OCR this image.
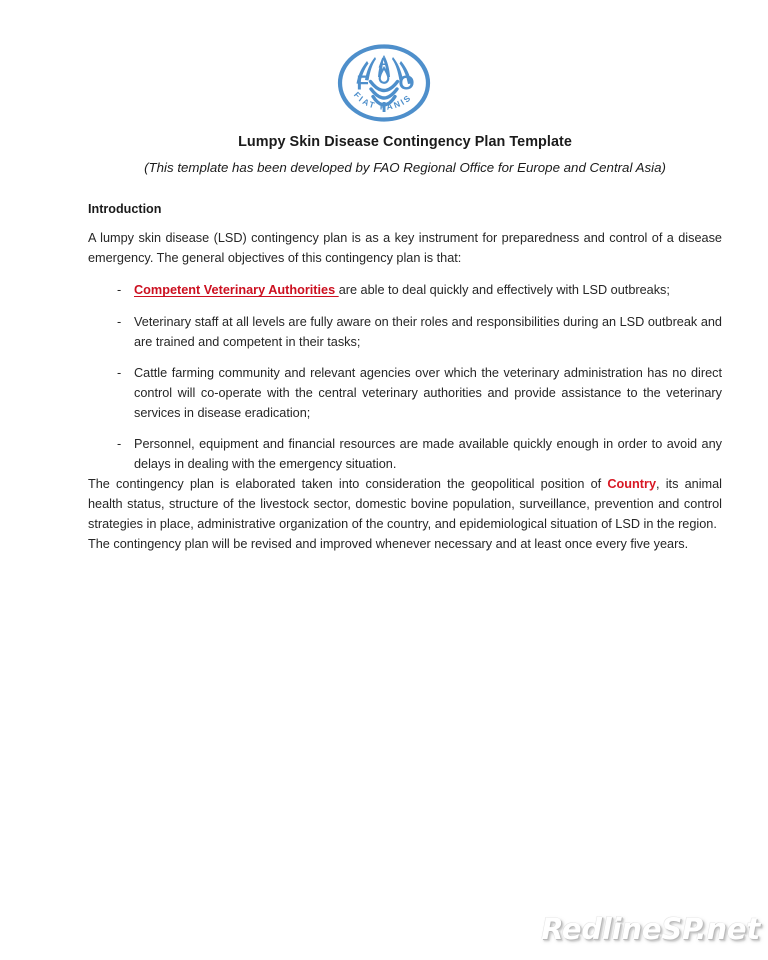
F O
A
FIAT PANIS
Lumpy Skin Disease Contingency Plan Template
(This template has been developed by FAO Regional Office for Europe and Central Asia)
Introduction

A lumpy skin disease (LSD) contingency plan is as a key instrument for preparedness and control of a disease emergency. The general objectives of this contingency plan is that:

- Competent Veterinary Authorities are able to deal quickly and effectively with LSD outbreaks;
- Veterinary staff at all levels are fully aware on their roles and responsibilities during an LSD outbreak and are trained and competent in their tasks;
- Cattle farming community and relevant agencies over which the veterinary administration has no direct control will co-operate with the central veterinary authorities and provide assistance to the veterinary services in disease eradication;
- Personnel, equipment and financial resources are made available quickly enough in order to avoid any delays in dealing with the emergency situation.

The contingency plan is elaborated taken into consideration the geopolitical position of Country, its animal health status, structure of the livestock sector, domestic bovine population, surveillance, prevention and control strategies in place, administrative organization of the country, and epidemiological situation of LSD in the region.

The contingency plan will be revised and improved whenever necessary and at least once every five years.

RedlineSP.net
